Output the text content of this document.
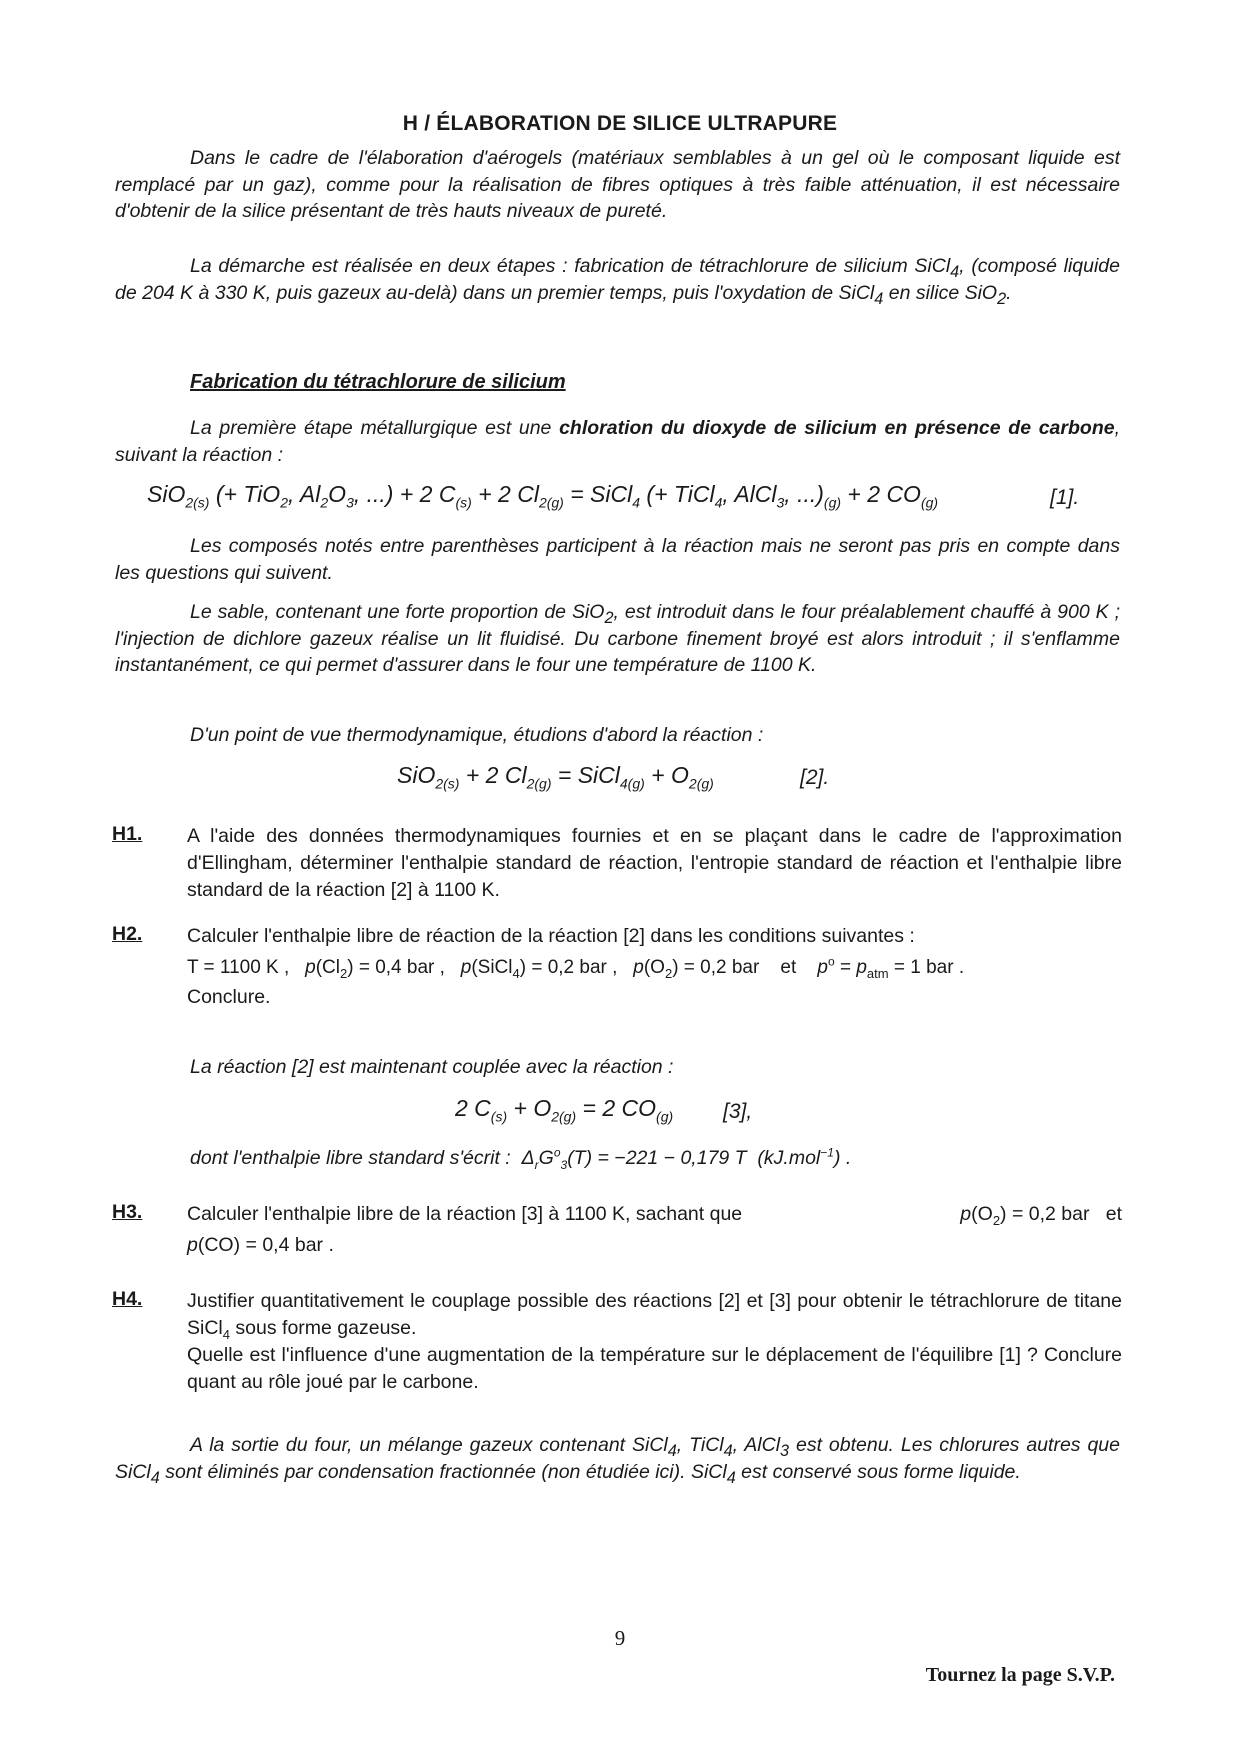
H / ÉLABORATION DE SILICE ULTRAPURE
Dans le cadre de l'élaboration d'aérogels (matériaux semblables à un gel où le composant liquide est remplacé par un gaz), comme pour la réalisation de fibres optiques à très faible atténuation, il est nécessaire d'obtenir de la silice présentant de très hauts niveaux de pureté.
La démarche est réalisée en deux étapes : fabrication de tétrachlorure de silicium SiCl$_4$, (composé liquide de 204 K à 330 K, puis gazeux au-delà) dans un premier temps, puis l'oxydation de SiCl$_4$ en silice SiO$_2$.
Fabrication du tétrachlorure de silicium
La première étape métallurgique est une chloration du dioxyde de silicium en présence de carbone, suivant la réaction :
SiO$_{2(s)}$ (+ TiO$_2$, $Al_2O_3$, ...) + 2 $C_{(s)} + 2$ $Cl_{2(g)}$ = SiCl$_4$ (+ TiCl$_4$, AlCl$_3$, $...)_{(g)} + 2$ $CO_{(g)}$	[1].
Les composés notés entre parenthèses participent à la réaction mais ne seront pas pris en compte dans les questions qui suivent.
Le sable, contenant une forte proportion de SiO$_2$, est introduit dans le four préalablement chauffé à 900 K ; l'injection de dichlore gazeux réalise un lit fluidisé. Du carbone finement broyé est alors introduit ; il s'enflamme instantanément, ce qui permet d'assurer dans le four une température de 1100 K.
D'un point de vue thermodynamique, étudions d'abord la réaction :
SiO$_{2(s)}$ + 2 $Cl_{2(g)}$ = SiCl$_{4(g)}$ + $O_{2(g)}$	[2].
H1. A l'aide des données thermodynamiques fournies et en se plaçant dans le cadre de l'approximation d'Ellingham, déterminer l'enthalpie standard de réaction, l'entropie standard de réaction et l'enthalpie libre standard de la réaction [2] à 1100 K.
H2. Calculer l'enthalpie libre de réaction de la réaction [2] dans les conditions suivantes :
T = 1100 K ,   $p(Cl_2) = 0,4$ bar ,   p(SiCl$_4$) = 0,2 bar ,   $p(O_2) = 0,2$ bar    et    $p^o = p_{atm} = 1$ bar .
Conclure.
La réaction [2] est maintenant couplée avec la réaction :
2 $C_{(s)} + O_{2(g)} = 2$ $CO_{(g)}$ [3],
dont l'enthalpie libre standard s'écrit :  $\Delta_rG^o_3(T) = -221 - 0,179$ T  (kJ.mol$^{-1}$) .
H3. Calculer l'enthalpie libre de la réaction [3] à 1100 K, sachant que	$p(O_2) = 0,2$ bar   et
p(CO) = 0,4 bar .
H4. Justifier quantitativement le couplage possible des réactions [2] et [3] pour obtenir le tétrachlorure de titane SiCl$_4$ sous forme gazeuse.
Quelle est l'influence d'une augmentation de la température sur le déplacement de l'équilibre [1] ? Conclure quant au rôle joué par le carbone.
A la sortie du four, un mélange gazeux contenant SiCl$_4$, TiCl$_4$, AlCl$_3$ est obtenu. Les chlorures autres que SiCl$_4$ sont éliminés par condensation fractionnée (non étudiée ici). SiCl$_4$ est conservé sous forme liquide.
9
Tournez la page S.V.P.
